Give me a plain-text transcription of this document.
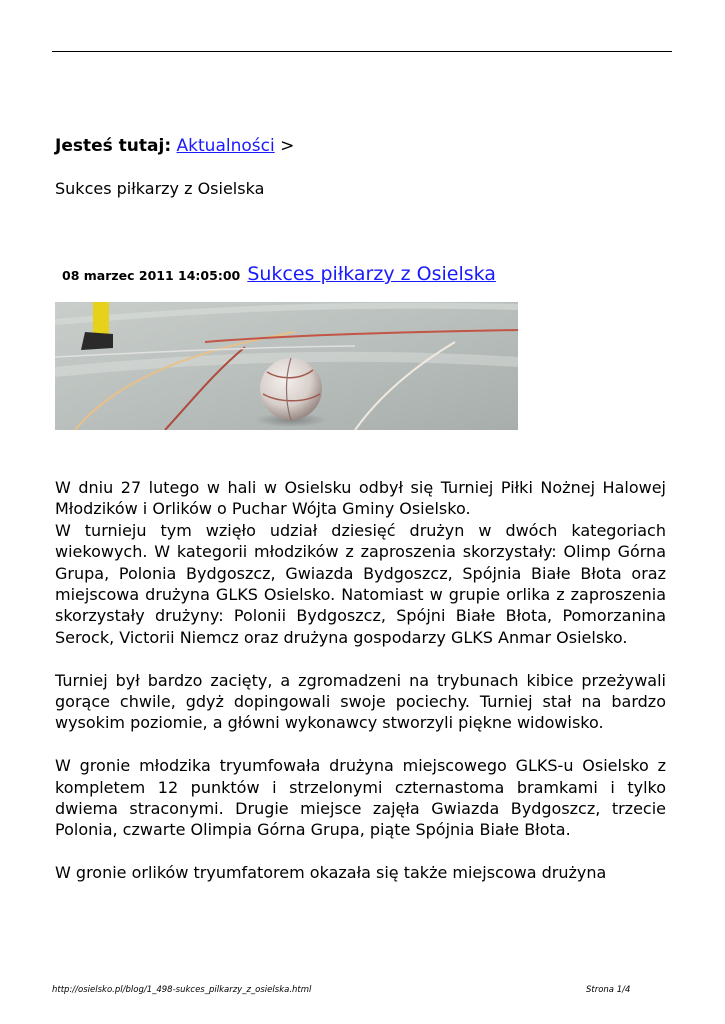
Jesteś tutaj: Aktualności >
Sukces piłkarzy z Osielska
08 marzec 2011 14:05:00 Sukces piłkarzy z Osielska

W dniu 27 lutego w hali w Osielsku odbył się Turniej Piłki Nożnej Halowej Młodzików i Orlików o Puchar Wójta Gminy Osielsko.
W turnieju tym wzięło udział dziesięć drużyn w dwóch kategoriach wiekowych. W kategorii młodzików z zaproszenia skorzystały: Olimp Górna Grupa, Polonia Bydgoszcz, Gwiazda Bydgoszcz, Spójnia Białe Błota oraz miejscowa drużyna GLKS Osielsko. Natomiast w grupie orlika z zaproszenia skorzystały drużyny: Polonii Bydgoszcz, Spójni Białe Błota, Pomorzanina Serock, Victorii Niemcz oraz drużyna gospodarzy GLKS Anmar Osielsko.

Turniej był bardzo zacięty, a zgromadzeni na trybunach kibice przeżywali gorące chwile, gdyż dopingowali swoje pociechy. Turniej stał na bardzo wysokim poziomie, a główni wykonawcy stworzyli piękne widowisko.

W gronie młodzika tryumfowała drużyna miejscowego GLKS-u Osielsko z kompletem 12 punktów i strzelonymi czternastoma bramkami i tylko dwiema straconymi. Drugie miejsce zajęła Gwiazda Bydgoszcz, trzecie Polonia, czwarte Olimpia Górna Grupa, piąte Spójnia Białe Błota.

W gronie orlików tryumfatorem okazała się także miejscowa drużyna

http://osielsko.pl/blog/1_498-sukces_pilkarzy_z_osielska.html	Strona 1/4
